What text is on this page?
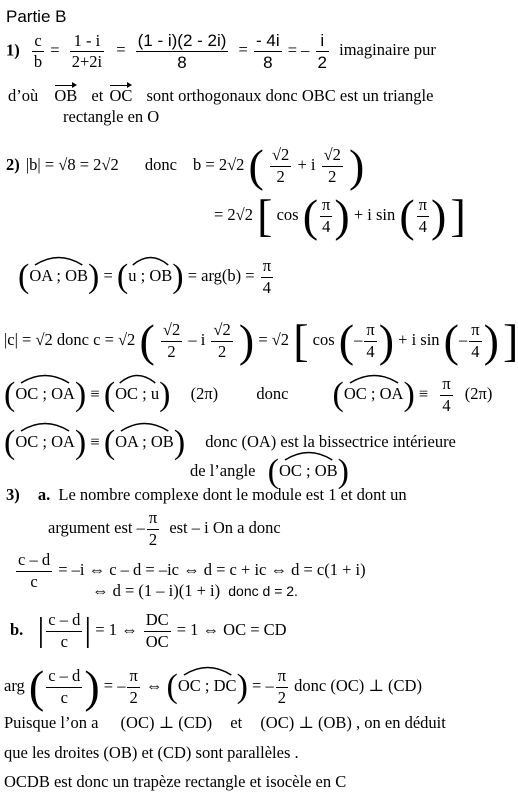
Partie B
$1) \frac{c}{b} = \frac{1 - i}{2+2i} = \frac{(1 - i)(2 - 2i)}{8} = \frac{- 4i}{8}$ = – $\frac{i}{2}$ imaginaire pur
d’où OB et OC sont orthogonaux donc OBC est un triangle
rectangle en O
2) |b| = √8 = 2√2 donc b = 2√2 ( $\frac{√2}{2} + i \frac{√2}{2}$ )
= 2√2 [ cos ( $\frac{\pi}{4}$ ) + i sin ( $\frac{\pi}{4}$ ) ]
(
OA ; OB) = (
u ; $OB) = arg(b) = \frac{\pi}{4}$
|c| = √2 donc c = √2 ( $\frac{√2}{2}$ – i $\frac{√2}{2}$ ) = √2 [ cos (– $\frac{\pi}{4}$ ) + i sin (– $\frac{\pi}{4}$ ) ]
(
OC ; OA) ≡ (
OC ; u) (2π) donc (
OC ; $OA) \equiv \frac{\pi}{4} (2\pi)$
(
OC ; OA) ≡ (
OA ; OB) donc (OA) est la bissectrice intérieure
de l’angle (
OC ; OB)
3) a. Le nombre complexe dont le module est 1 et dont un
argument est – $\frac{\pi}{2}$ est – i On a donc
$\frac{c - d}{c} = -i$ ⇔ c – d = –ic ⇔ d = c + ic ⇔ d = c(1 + i)
⇔ d = (1 – i)(1 + i) donc d = 2.
b. | $\frac{c - d}{c}$ | = 1 ⇔ $\frac{DC}{OC} = 1$ ⇔ OC = CD
arg ( $\frac{c - d}{c}$ ) = – $\frac{\pi}{2}$ ⇔ (
OC ; DC) = – $\frac{\pi}{2}$ donc (OC) ⊥ (CD)
Puisque l’on a (OC) ⊥ (CD) et (OC) ⊥ (OB) , on en déduit
que les droites (OB) et (CD) sont parallèles .
OCDB est donc un trapèze rectangle et isocèle en C
